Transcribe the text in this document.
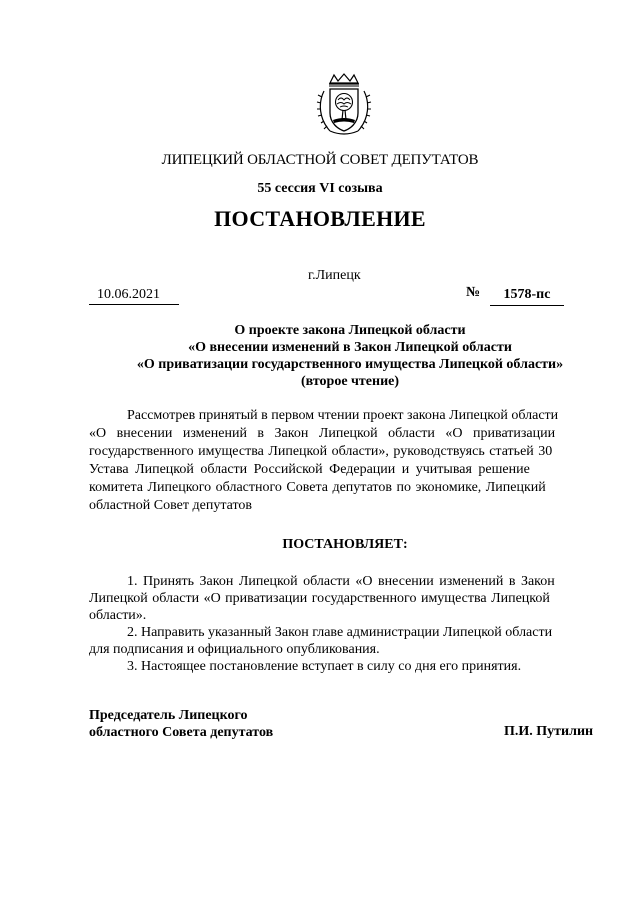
ЛИПЕЦКИЙ ОБЛАСТНОЙ СОВЕТ ДЕПУТАТОВ
55 сессия VI созыва
ПОСТАНОВЛЕНИЕ
г.Липецк
10.06.2021	№	1578-пс
О проекте закона Липецкой области
«О внесении изменений в Закон Липецкой области
«О приватизации государственного имущества Липецкой области»
(второе чтение)
Рассмотрев принятый в первом чтении проект закона Липецкой области
«О внесении изменений в Закон Липецкой области «О приватизации
государственного имущества Липецкой области», руководствуясь статьей 30
Устава Липецкой области Российской Федерации и учитывая решение
комитета Липецкого областного Совета депутатов по экономике, Липецкий
областной Совет депутатов
ПОСТАНОВЛЯЕТ:
1. Принять Закон Липецкой области «О внесении изменений в Закон
Липецкой области «О приватизации государственного имущества Липецкой
области».
2. Направить указанный Закон главе администрации Липецкой области
для подписания и официального опубликования.
3. Настоящее постановление вступает в силу со дня его принятия.
Председатель Липецкого
областного Совета депутатов	П.И. Путилин
